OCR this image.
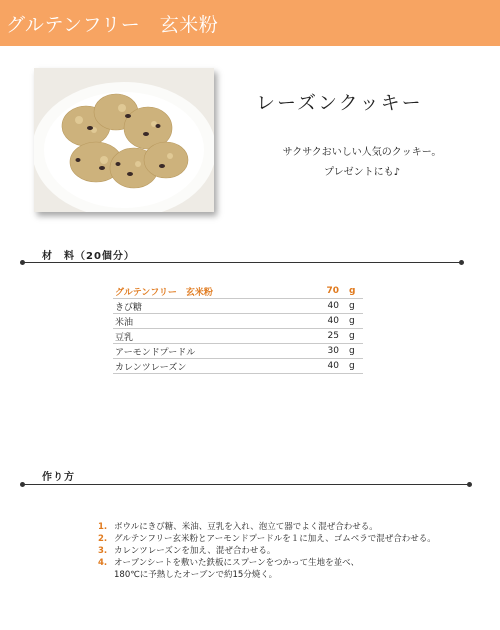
グルテンフリー　玄米粉
レーズンクッキー
サクサクおいしい人気のクッキー。
プレゼントにも♪
材　料（20個分）
グルテンフリー　玄米粉	70	g
きび糖	40	g
米油	40	g
豆乳	25	g
アーモンドプードル	30	g
カレンツレーズン	40	g
作り方
1. ボウルにきび糖、米油、豆乳を入れ、泡立て器でよく混ぜ合わせる。
2. グルテンフリー玄米粉とアーモンドプードルを１に加え、ゴムベラで混ぜ合わせる。
3. カレンツレーズンを加え、混ぜ合わせる。
4. オーブンシートを敷いた鉄板にスプーンをつかって生地を並べ、
180℃に予熱したオーブンで約15分焼く。
